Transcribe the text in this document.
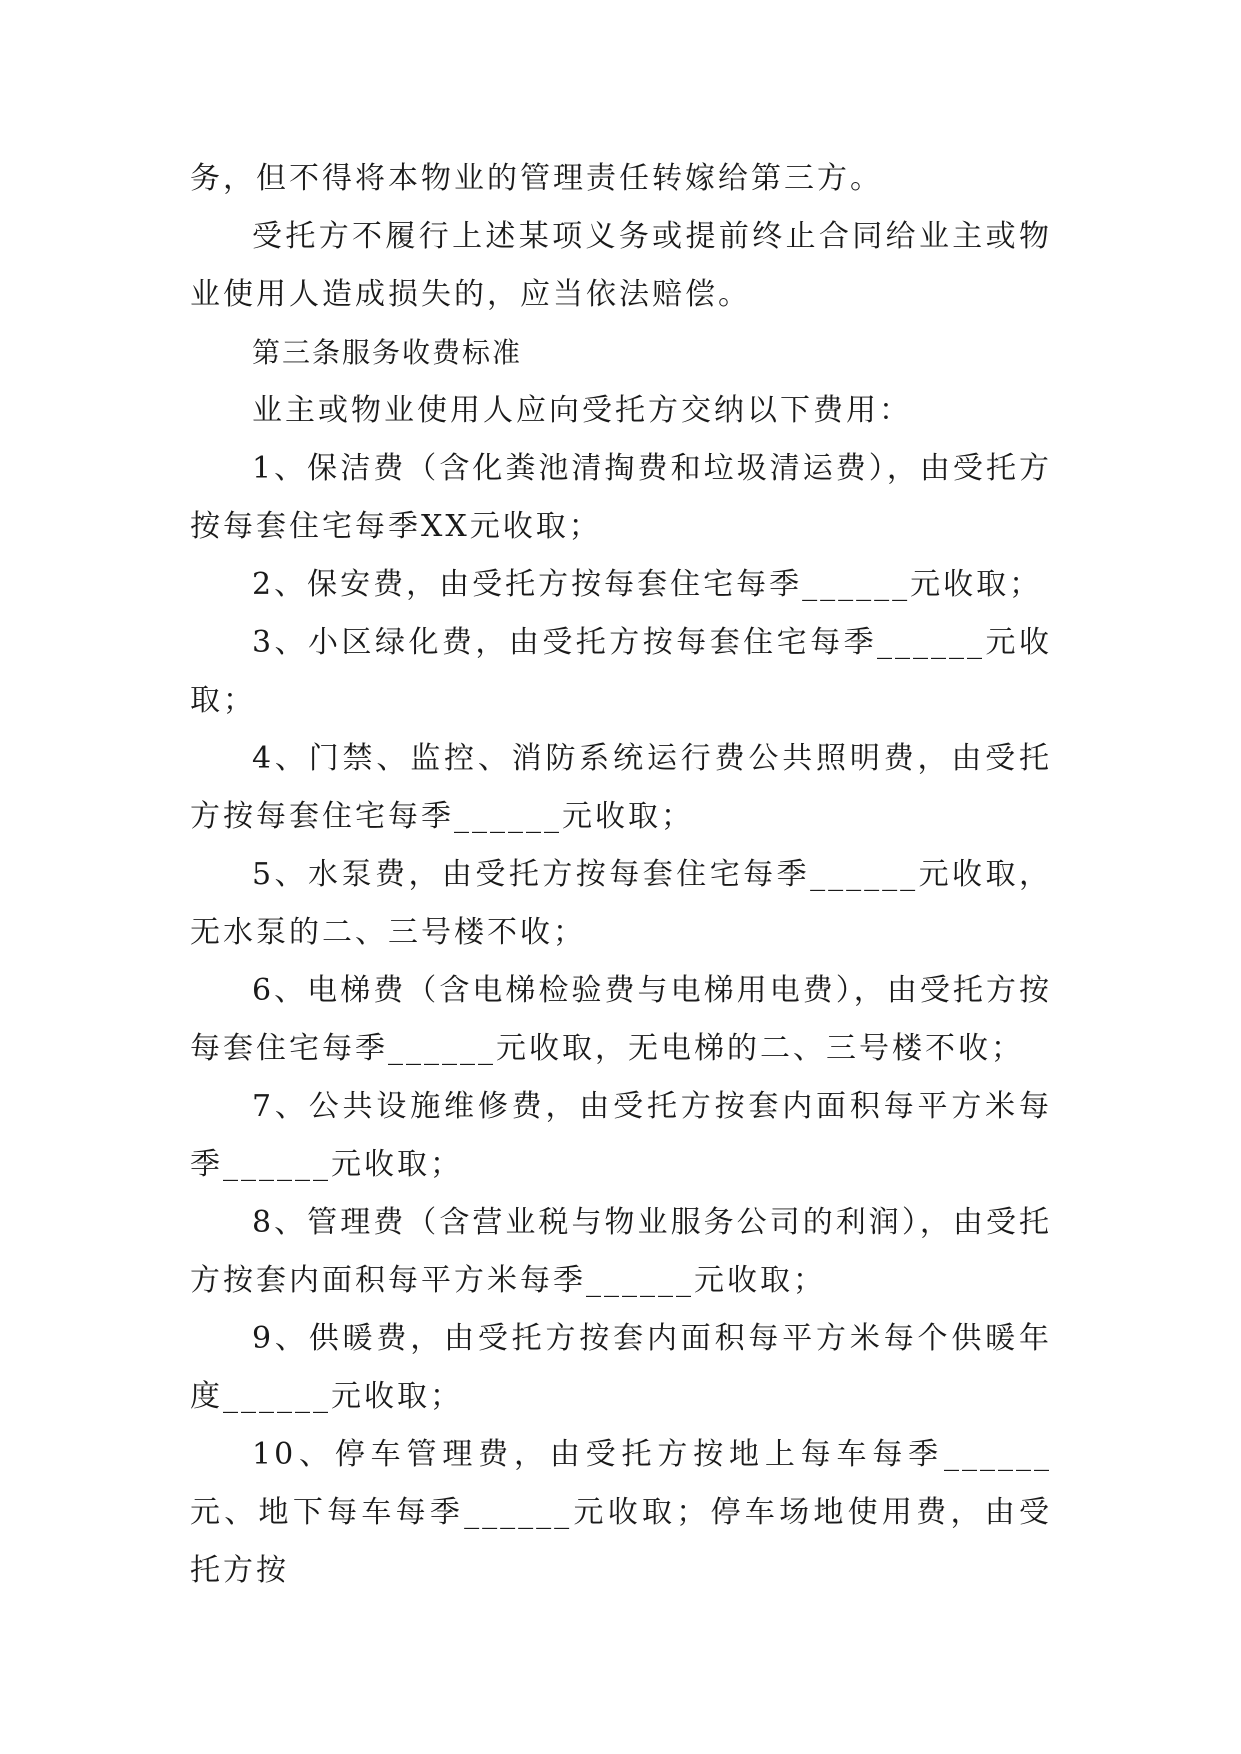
务，但不得将本物业的管理责任转嫁给第三方。

受托方不履行上述某项义务或提前终止合同给业主或物业使用人造成损失的，应当依法赔偿。

第三条服务收费标准

业主或物业使用人应向受托方交纳以下费用：

1、保洁费（含化粪池清掏费和垃圾清运费），由受托方按每套住宅每季XX元收取；

2、保安费，由受托方按每套住宅每季______元收取；

3、小区绿化费，由受托方按每套住宅每季______元收取；

4、门禁、监控、消防系统运行费公共照明费，由受托方按每套住宅每季______元收取；

5、水泵费，由受托方按每套住宅每季______元收取，无水泵的二、三号楼不收；

6、电梯费（含电梯检验费与电梯用电费），由受托方按每套住宅每季______元收取，无电梯的二、三号楼不收；

7、公共设施维修费，由受托方按套内面积每平方米每季______元收取；

8、管理费（含营业税与物业服务公司的利润），由受托方按套内面积每平方米每季______元收取；

9、供暖费，由受托方按套内面积每平方米每个供暖年度______元收取；

10、停车管理费，由受托方按地上每车每季______元、地下每车每季______元收取；停车场地使用费，由受托方按
